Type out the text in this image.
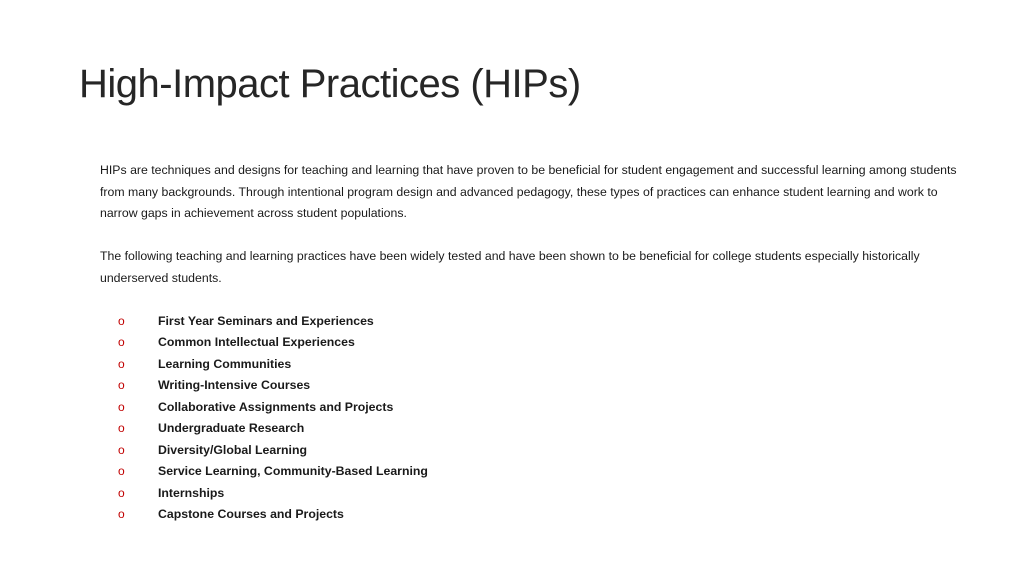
High-Impact Practices (HIPs)

HIPs are techniques and designs for teaching and learning that have proven to be beneficial for student engagement and successful learning among students from many backgrounds. Through intentional program design and advanced pedagogy, these types of practices can enhance student learning and work to narrow gaps in achievement across student populations.

The following teaching and learning practices have been widely tested and have been shown to be beneficial for college students especially historically underserved students.

o	First Year Seminars and Experiences
o	Common Intellectual Experiences
o	Learning Communities
o	Writing-Intensive Courses
o	Collaborative Assignments and Projects
o	Undergraduate Research
o	Diversity/Global Learning
o	Service Learning, Community-Based Learning
o	Internships
o	Capstone Courses and Projects
